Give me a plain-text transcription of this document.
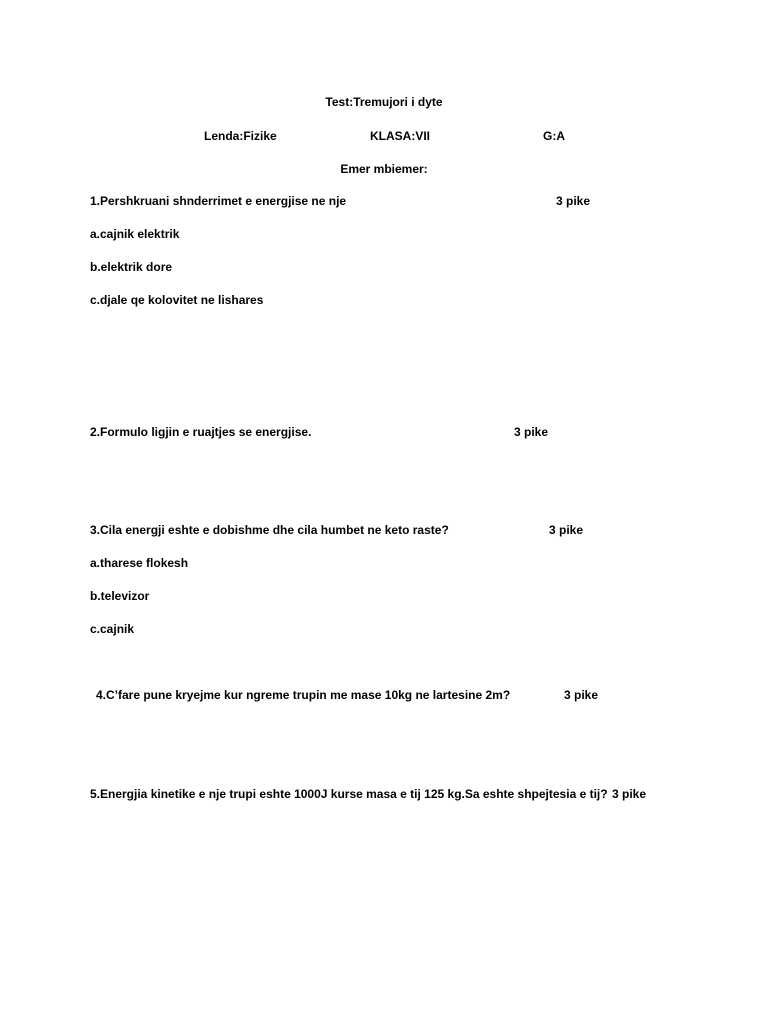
Test:Tremujori i dyte
Lenda:Fizike	KLASA:VII	G:A
Emer mbiemer:
1.Pershkruani shnderrimet e energjise ne nje	3 pike
a.cajnik elektrik
b.elektrik dore
c.djale qe kolovitet ne lishares
2.Formulo ligjin e ruajtjes se energjise.	3 pike
3.Cila energji eshte e dobishme dhe cila humbet ne keto raste?	3 pike
a.tharese flokesh
b.televizor
c.cajnik
4.C’fare pune kryejme kur ngreme trupin me mase 10kg ne lartesine 2m?	3 pike
5.Energjia kinetike e nje trupi eshte 1000J kurse masa e tij 125 kg.Sa eshte shpejtesia e tij? 3 pike
